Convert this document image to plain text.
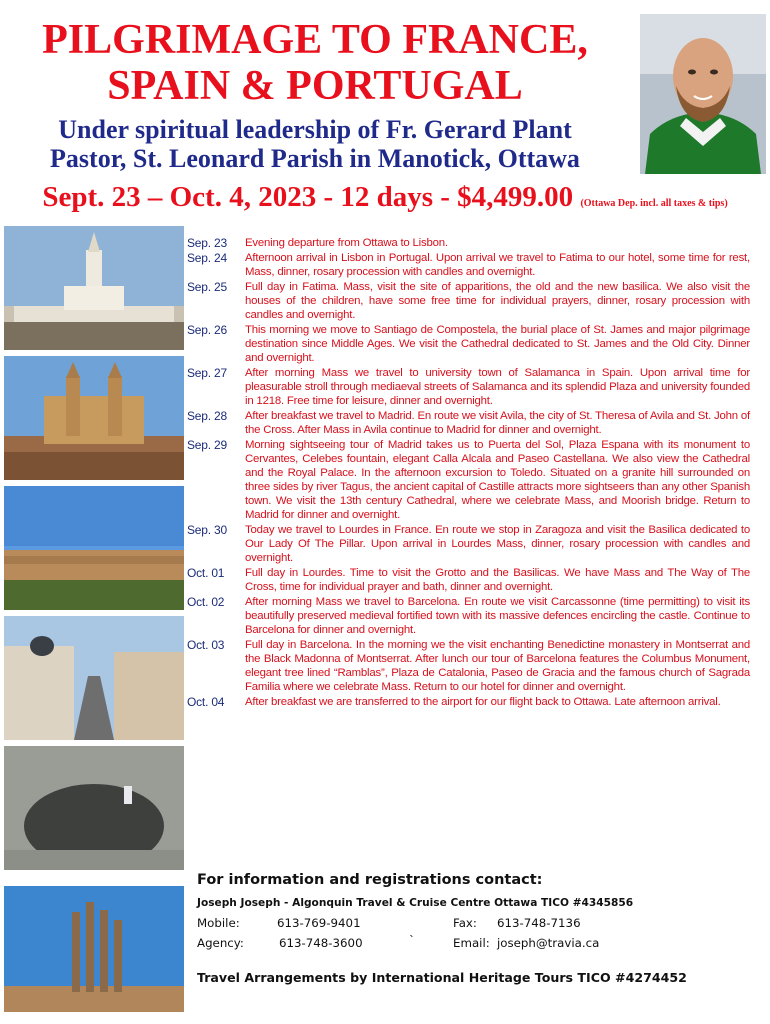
PILGRIMAGE TO FRANCE,
SPAIN & PORTUGAL
Under spiritual leadership of Fr. Gerard Plant
Pastor, St. Leonard Parish in Manotick, Ottawa
Sept. 23 – Oct. 4, 2023 - 12 days - $4,499.00 (Ottawa Dep. incl. all taxes & tips)
Sep. 23	Evening departure from Ottawa to Lisbon.
Sep. 24	Afternoon arrival in Lisbon in Portugal. Upon arrival we travel to Fatima to our hotel, some time for rest, Mass, dinner, rosary procession with candles and overnight.
Sep. 25	Full day in Fatima. Mass, visit the site of apparitions, the old and the new basilica. We also visit the houses of the children, have some free time for individual prayers, dinner, rosary procession with candles and overnight.
Sep. 26	This morning we move to Santiago de Compostela, the burial place of St. James and major pilgrimage destination since Middle Ages. We visit the Cathedral dedicated to St. James and the Old City. Dinner and overnight.
Sep. 27	After morning Mass we travel to university town of Salamanca in Spain. Upon arrival time for pleasurable stroll through mediaeval streets of Salamanca and its splendid Plaza and university founded in 1218. Free time for leisure, dinner and overnight.
Sep. 28	After breakfast we travel to Madrid. En route we visit Avila, the city of St. Theresa of Avila and St. John of the Cross. After Mass in Avila continue to Madrid for dinner and overnight.
Sep. 29	Morning sightseeing tour of Madrid takes us to Puerta del Sol, Plaza Espana with its monument to Cervantes, Celebes fountain, elegant Calla Alcala and Paseo Castellana. We also view the Cathedral and the Royal Palace. In the afternoon excursion to Toledo. Situated on a granite hill surrounded on three sides by river Tagus, the ancient capital of Castille attracts more sightseers than any other Spanish town. We visit the 13th century Cathedral, where we celebrate Mass, and Moorish bridge. Return to Madrid for dinner and overnight.
Sep. 30	Today we travel to Lourdes in France. En route we stop in Zaragoza and visit the Basilica dedicated to Our Lady Of The Pillar. Upon arrival in Lourdes Mass, dinner, rosary procession with candles and overnight.
Oct. 01	Full day in Lourdes. Time to visit the Grotto and the Basilicas. We have Mass and The Way of The Cross, time for individual prayer and bath, dinner and overnight.
Oct. 02	After morning Mass we travel to Barcelona. En route we visit Carcassonne (time permitting) to visit its beautifully preserved medieval fortified town with its massive defences encircling the castle. Continue to Barcelona for dinner and overnight.
Oct. 03	Full day in Barcelona. In the morning we the visit enchanting Benedictine monastery in Montserrat and the Black Madonna of Montserrat. After lunch our tour of Barcelona features the Columbus Monument, elegant tree lined “Ramblas”, Plaza de Catalonia, Paseo de Gracia and the famous church of Sagrada Familia where we celebrate Mass. Return to our hotel for dinner and overnight.
Oct. 04	After breakfast we are transferred to the airport for our flight back to Ottawa. Late afternoon arrival.
For information and registrations contact:
Joseph Joseph - Algonquin Travel & Cruise Centre Ottawa TICO #4345856
Mobile:	613-769-9401	Fax: 613-748-7136
Agency:	613-748-3600	`	Email: joseph@travia.ca
Travel Arrangements by International Heritage Tours TICO #4274452
